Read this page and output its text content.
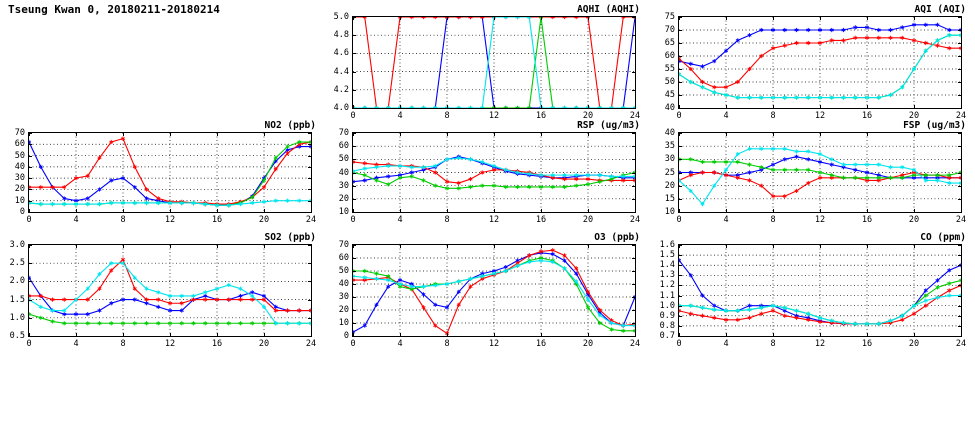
Tseung Kwan 0, 20180211-20180214	AQHI (AQHI)
4.0
4.2
4.4
4.6
4.8
5.0
0	4	8	12	16	20	24
AQI (AQI)
40
45
50
55
60
65
70
75
0	4	8	12	16	20	24
NO2 (ppb)
0
10
20
30
40
50
60
70
0	4	8	12	16	20	24
RSP (ug/m3)
10
20
30
40
50
60
70
0	4	8	12	16	20	24
FSP (ug/m3)
10
15
20
25
30
35
40
0	4	8	12	16	20	24
SO2 (ppb)
0.5
1.0
1.5
2.0
2.5
3.0
0	4	8	12	16	20	24
O3 (ppb)
0
10
20
30
40
50
60
70
0	4	8	12	16	20	24
CO (ppm)
0.7
0.8
0.9
1.0
1.1
1.2
1.3
1.4
1.5
1.6
0	4	8	12	16	20	24
